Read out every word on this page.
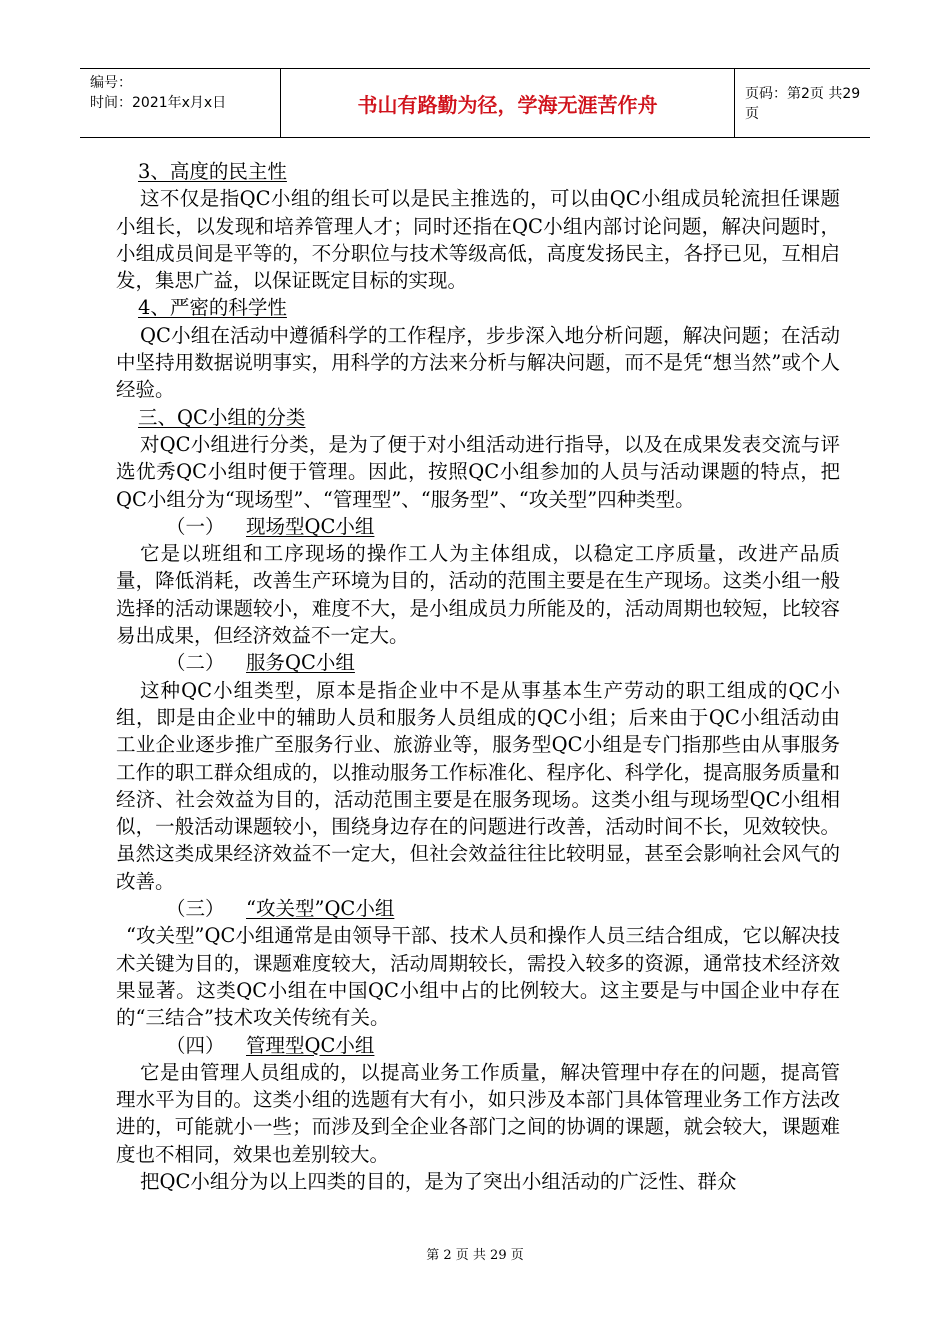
编号：
时间：2021年x月x日	书山有路勤为径，学海无涯苦作舟	页码：第2页 共29页

3、高度的民主性

这不仅是指QC小组的组长可以是民主推选的，可以由QC小组成员轮流担任课题小组长，以发现和培养管理人才；同时还指在QC小组内部讨论问题，解决问题时，小组成员间是平等的，不分职位与技术等级高低，高度发扬民主，各抒已见，互相启发，集思广益，以保证既定目标的实现。

4、严密的科学性

QC小组在活动中遵循科学的工作程序，步步深入地分析问题，解决问题；在活动中坚持用数据说明事实，用科学的方法来分析与解决问题，而不是凭“想当然”或个人经验。

三、QC小组的分类

对QC小组进行分类，是为了便于对小组活动进行指导，以及在成果发表交流与评选优秀QC小组时便于管理。因此，按照QC小组参加的人员与活动课题的特点，把QC小组分为“现场型”、“管理型”、“服务型”、“攻关型”四种类型。

（一） 现场型QC小组

它是以班组和工序现场的操作工人为主体组成，以稳定工序质量，改进产品质量，降低消耗，改善生产环境为目的，活动的范围主要是在生产现场。这类小组一般选择的活动课题较小，难度不大，是小组成员力所能及的，活动周期也较短，比较容易出成果，但经济效益不一定大。

（二） 服务QC小组

这种QC小组类型，原本是指企业中不是从事基本生产劳动的职工组成的QC小组，即是由企业中的辅助人员和服务人员组成的QC小组；后来由于QC小组活动由工业企业逐步推广至服务行业、旅游业等，服务型QC小组是专门指那些由从事服务工作的职工群众组成的，以推动服务工作标准化、程序化、科学化，提高服务质量和经济、社会效益为目的，活动范围主要是在服务现场。这类小组与现场型QC小组相似，一般活动课题较小，围绕身边存在的问题进行改善，活动时间不长，见效较快。虽然这类成果经济效益不一定大，但社会效益往往比较明显，甚至会影响社会风气的改善。

（三） “攻关型”QC小组

“攻关型”QC小组通常是由领导干部、技术人员和操作人员三结合组成，它以解决技术关键为目的，课题难度较大，活动周期较长，需投入较多的资源，通常技术经济效果显著。这类QC小组在中国QC小组中占的比例较大。这主要是与中国企业中存在的“三结合”技术攻关传统有关。

（四） 管理型QC小组

它是由管理人员组成的，以提高业务工作质量，解决管理中存在的问题，提高管理水平为目的。这类小组的选题有大有小，如只涉及本部门具体管理业务工作方法改进的，可能就小一些；而涉及到全企业各部门之间的协调的课题，就会较大，课题难度也不相同，效果也差别较大。

把QC小组分为以上四类的目的，是为了突出小组活动的广泛性、群众

第 2 页 共 29 页
